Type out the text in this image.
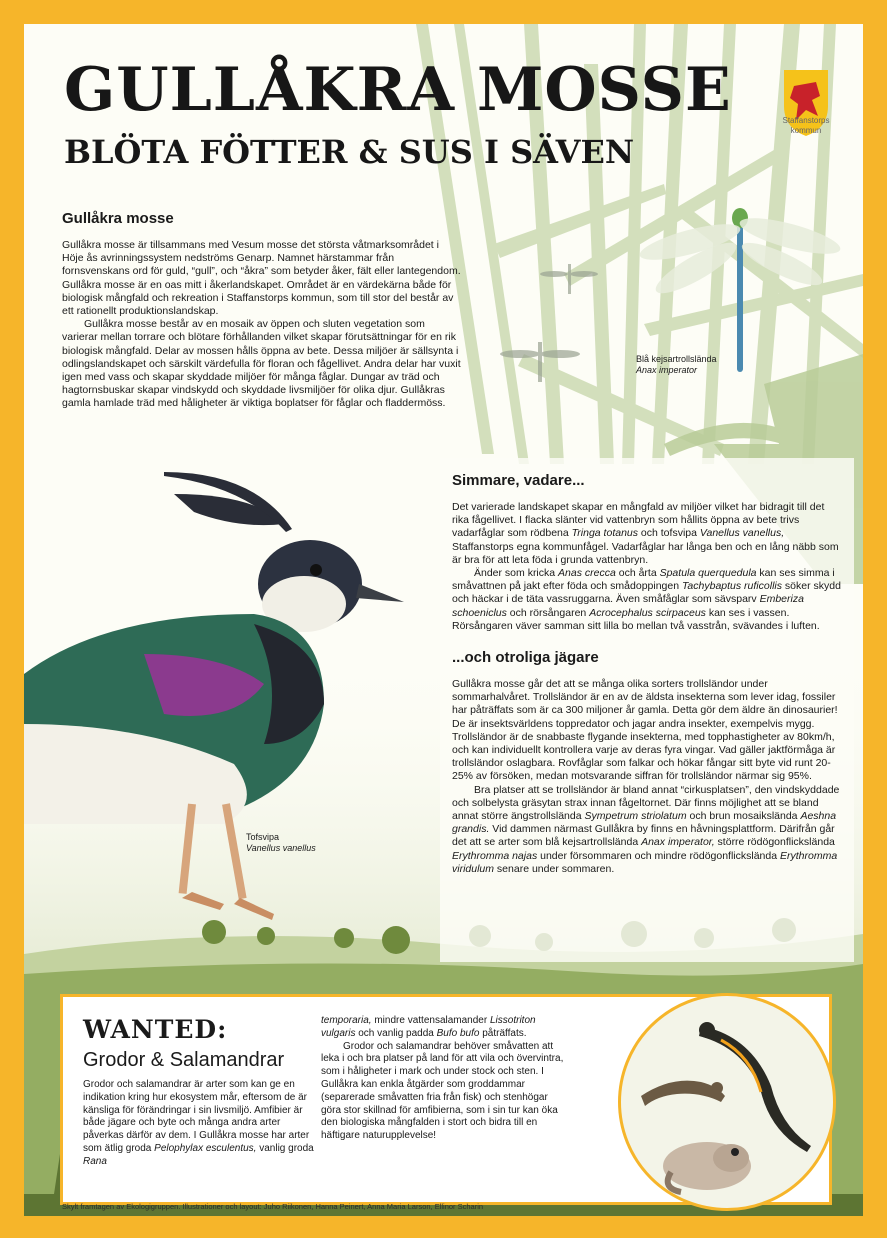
GULLÅKRA MOSSE
BLÖTA FÖTTER & SUS I SÄVEN
Staffanstorps kommun
Gullåkra mosse

Gullåkra mosse är tillsammans med Vesum mosse det största våtmarksområdet i Höje ås avrinningssystem nedströms Genarp. Namnet härstammar från fornsvenskans ord för guld, “gull”, och “åkra” som betyder åker, fält eller lantegendom. Gullåkra mosse är en oas mitt i åkerlandskapet. Området är en värdekärna både för biologisk mångfald och rekreation i Staffanstorps kommun, som till stor del består av ett rationellt produktionslandskap.

Gullåkra mosse består av en mosaik av öppen och sluten vegetation som varierar mellan torrare och blötare förhållanden vilket skapar förutsättningar för en rik biologisk mångfald. Delar av mossen hålls öppna av bete. Dessa miljöer är sällsynta i odlingslandskapet och särskilt värdefulla för floran och fågellivet. Andra delar har vuxit igen med vass och skapar skyddade miljöer för många fåglar. Dungar av träd och hagtornsbuskar skapar vindskydd och skyddade livsmiljöer för olika djur. Gullåkras gamla hamlade träd med håligheter är viktiga boplatser för fåglar och fladdermöss.

Blå kejsartrollslända
Anax imperator
Tofsvipa
Vanellus vanellus
Simmare, vadare...

Det varierade landskapet skapar en mångfald av miljöer vilket har bidragit till det rika fågellivet. I flacka slänter vid vattenbryn som hållits öppna av bete trivs vadarfåglar som rödbena Tringa totanus och tofsvipa Vanellus vanellus, Staffanstorps egna kommunfågel. Vadarfåglar har långa ben och en lång näbb som är bra för att leta föda i grunda vattenbryn.

Änder som kricka Anas crecca och årta Spatula querquedula kan ses simma i småvattnen på jakt efter föda och smådoppingen Tachybaptus ruficollis söker skydd och häckar i de täta vassruggarna. Även småfåglar som sävsparv Emberiza schoeniclus och rörsångaren Acrocephalus scirpaceus kan ses i vassen. Rörsångaren väver samman sitt lilla bo mellan två vasstrån, svävandes i luften.

...och otroliga jägare

Gullåkra mosse går det att se många olika sorters trollsländor under sommarhalvåret. Trollsländor är en av de äldsta insekterna som lever idag, fossiler har påträffats som är ca 300 miljoner år gamla. Detta gör dem äldre än dinosaurier! De är insektsvärldens toppredator och jagar andra insekter, exempelvis mygg. Trollsländor är de snabbaste flygande insekterna, med topphastigheter av 80km/h, och kan individuellt kontrollera varje av deras fyra vingar. Vad gäller jaktförmåga är trollsländor oslagbara. Rovfåglar som falkar och hökar fångar sitt byte vid runt 20-25% av försöken, medan motsvarande siffran för trollsländor närmar sig 95%.

Bra platser att se trollsländor är bland annat “cirkusplatsen”, den vindskyddade och solbelysta gräsytan strax innan fågeltornet. Där finns möjlighet att se bland annat större ängstrollslända Sympetrum striolatum och brun mosaikslända Aeshna grandis. Vid dammen närmast Gullåkra by finns en håvningsplattform. Därifrån går det att se arter som blå kejsartrollslända Anax imperator, större rödögonflickslända Erythromma najas under försommaren och mindre rödögonflickslända Erythromma viridulum senare under sommaren.

WANTED:
Grodor & Salamandrar

Grodor och salamandrar är arter som kan ge en indikation kring hur ekosystem mår, eftersom de är känsliga för förändringar i sin livsmiljö. Amfibier är både jägare och byte och många andra arter påverkas därför av dem. I Gullåkra mosse har arter som ätlig groda Pelophylax esculentus, vanlig groda Rana

temporaria, mindre vattensalamander Lissotriton vulgaris och vanlig padda Bufo bufo påträffats.

Grodor och salamandrar behöver småvatten att leka i och bra platser på land för att vila och övervintra, som i håligheter i mark och under stock och sten. I Gullåkra kan enkla åtgärder som groddammar (separerade småvatten fria från fisk) och stenhögar göra stor skillnad för amfibierna, som i sin tur kan öka den biologiska mångfalden i stort och bidra till en häftigare naturupplevelse!

Skylt framtagen av Ekologigruppen. Illustrationer och layout: Juho Riikonen, Hanna Peinert, Anna Maria Larson, Ellinor Scharin
